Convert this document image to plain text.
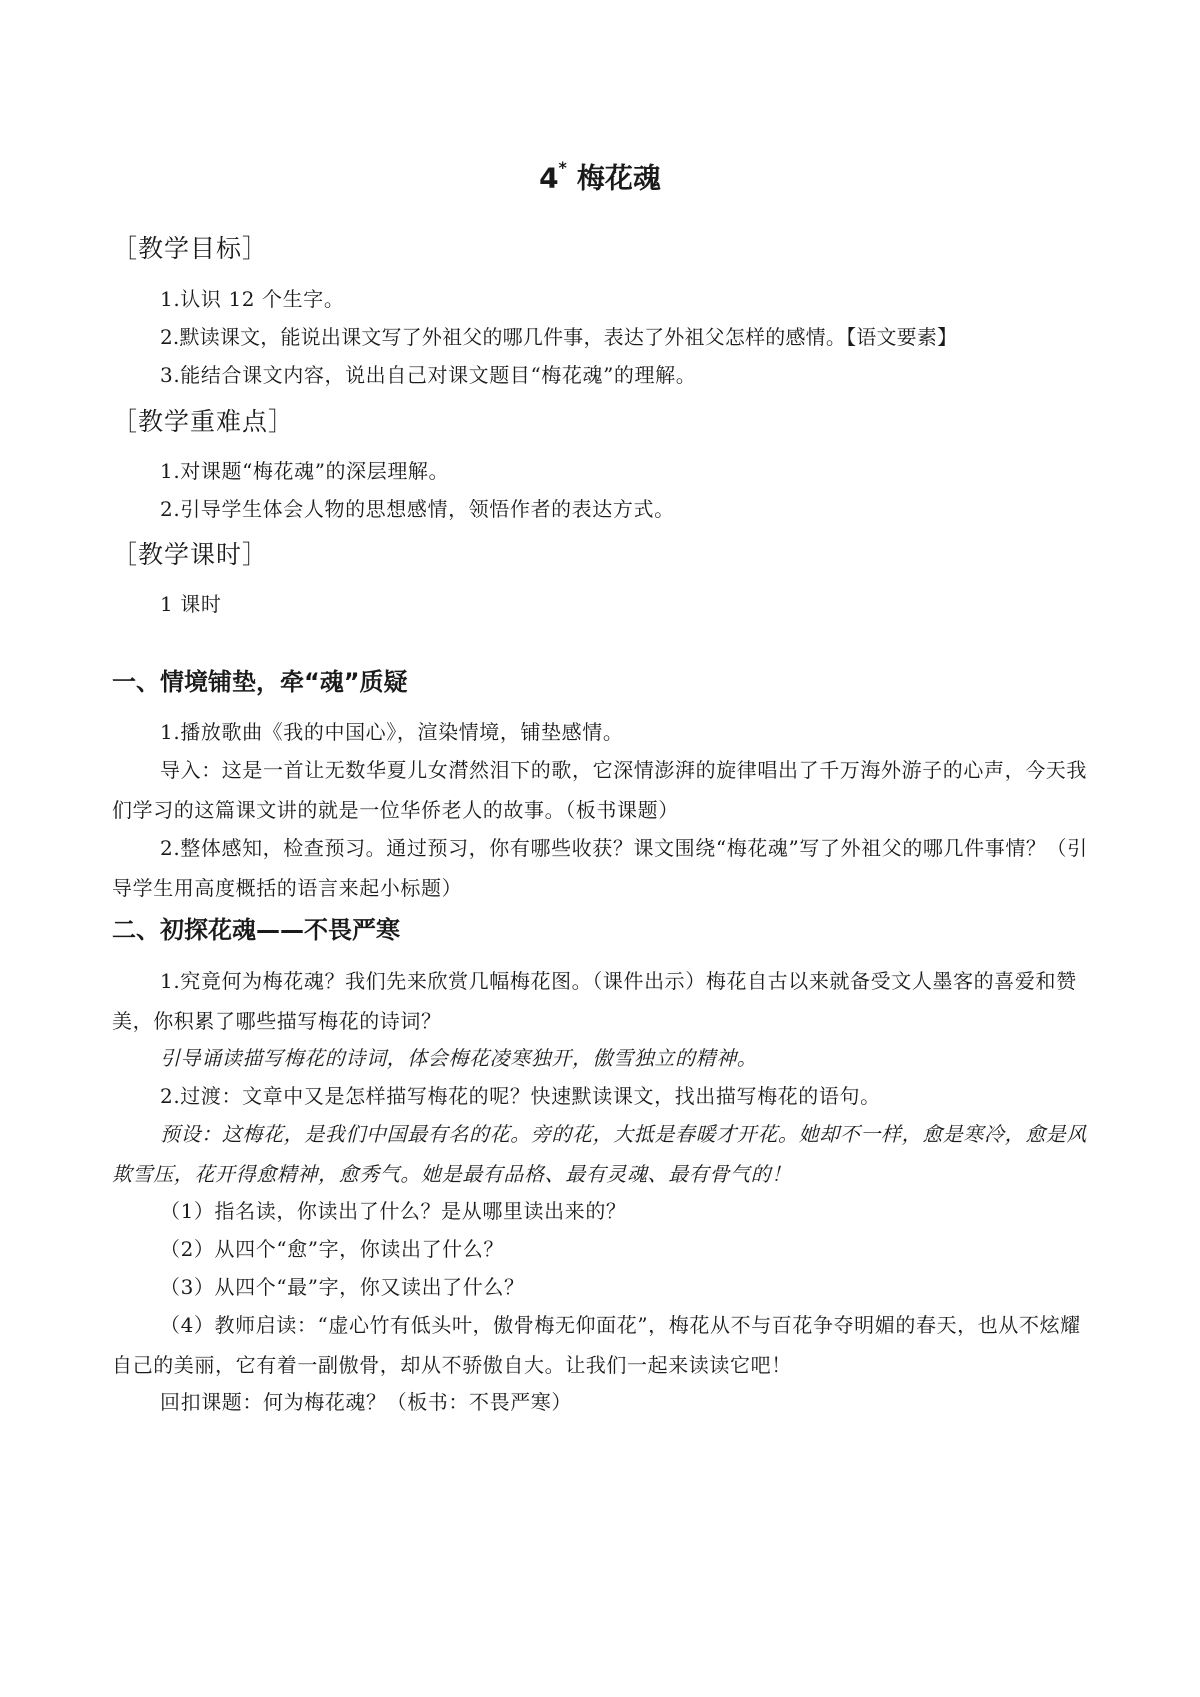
4* 梅花魂
［教学目标］
1.认识 12 个生字。
2.默读课文，能说出课文写了外祖父的哪几件事，表达了外祖父怎样的感情。【语文要素】
3.能结合课文内容，说出自己对课文题目“梅花魂”的理解。
［教学重难点］
1.对课题“梅花魂”的深层理解。
2.引导学生体会人物的思想感情，领悟作者的表达方式。
［教学课时］
1 课时
一、情境铺垫，牵“魂”质疑
1.播放歌曲《我的中国心》，渲染情境，铺垫感情。
导入：这是一首让无数华夏儿女潸然泪下的歌，它深情澎湃的旋律唱出了千万海外游子的心声，今天我们学习的这篇课文讲的就是一位华侨老人的故事。（板书课题）
2.整体感知，检查预习。通过预习，你有哪些收获？课文围绕“梅花魂”写了外祖父的哪几件事情？（引导学生用高度概括的语言来起小标题）
二、初探花魂——不畏严寒
1.究竟何为梅花魂？我们先来欣赏几幅梅花图。（课件出示）梅花自古以来就备受文人墨客的喜爱和赞美，你积累了哪些描写梅花的诗词？
引导诵读描写梅花的诗词，体会梅花凌寒独开，傲雪独立的精神。
2.过渡：文章中又是怎样描写梅花的呢？快速默读课文，找出描写梅花的语句。
预设：这梅花，是我们中国最有名的花。旁的花，大抵是春暖才开花。她却不一样，愈是寒冷，愈是风欺雪压，花开得愈精神，愈秀气。她是最有品格、最有灵魂、最有骨气的！
（1）指名读，你读出了什么？是从哪里读出来的？
（2）从四个“愈”字，你读出了什么？
（3）从四个“最”字，你又读出了什么？
（4）教师启读：“虚心竹有低头叶，傲骨梅无仰面花”，梅花从不与百花争夺明媚的春天，也从不炫耀自己的美丽，它有着一副傲骨，却从不骄傲自大。让我们一起来读读它吧！
回扣课题：何为梅花魂？（板书：不畏严寒）
